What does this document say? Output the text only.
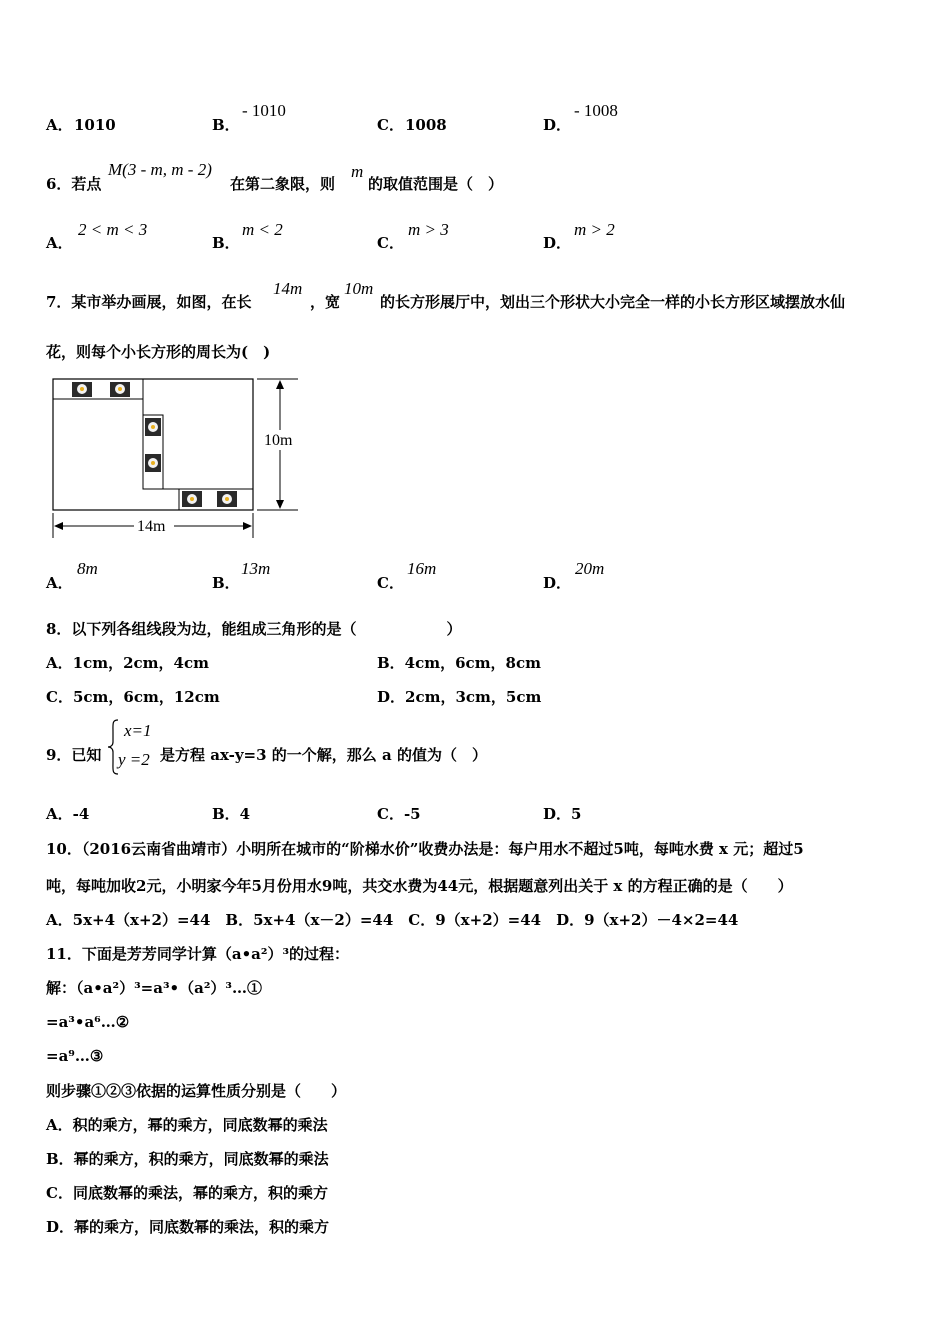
A． 1010	B．
- 1010
C． 1008	D．
- 1008
6．若点
M(3 - m, m - 2)
在第二象限，则
m
的取值范围是（　）
A．
2 < m < 3
B．
m < 2
C．
m > 3
D．
m > 2
7．某市举办画展，如图，在长
14m
，宽
10m
的长方形展厅中，划出三个形状大小完全一样的小长方形区域摆放水仙
花，则每个小长方形的周长为(　)
10m
14m
A．
8m
B．
13m
C．
16m
D．
20m
8．以下列各组线段为边，能组成三角形的是（　　　　　　）
A．1cm，2cm，4cm	B．4cm，6cm，8cm
C．5cm，6cm，12cm	D．2cm，3cm，5cm
9．已知
x=1
y =2 是方程 ax-y=3 的一个解，那么 a 的值为（　）
A．-4	B．4	C．-5	D．5
10．（2016云南省曲靖市）小明所在城市的“阶梯水价”收费办法是：每户用水不超过5吨，每吨水费 x 元；超过5
吨，每吨加收2元，小明家今年5月份用水9吨，共交水费为44元，根据题意列出关于 x 的方程正确的是（　　）
A．5x+4（x+2）=44　B．5x+4（x－2）=44　C．9（x+2）=44　D．9（x+2）－4×2=44
11．下面是芳芳同学计算（a•a²）³的过程：
解：（a•a²）³=a³•（a²）³…①
=a³•a⁶…②
=a⁹…③
则步骤①②③依据的运算性质分别是（　　）
A．积的乘方，幂的乘方，同底数幂的乘法
B．幂的乘方，积的乘方，同底数幂的乘法
C．同底数幂的乘法，幂的乘方，积的乘方
D．幂的乘方，同底数幂的乘法，积的乘方
